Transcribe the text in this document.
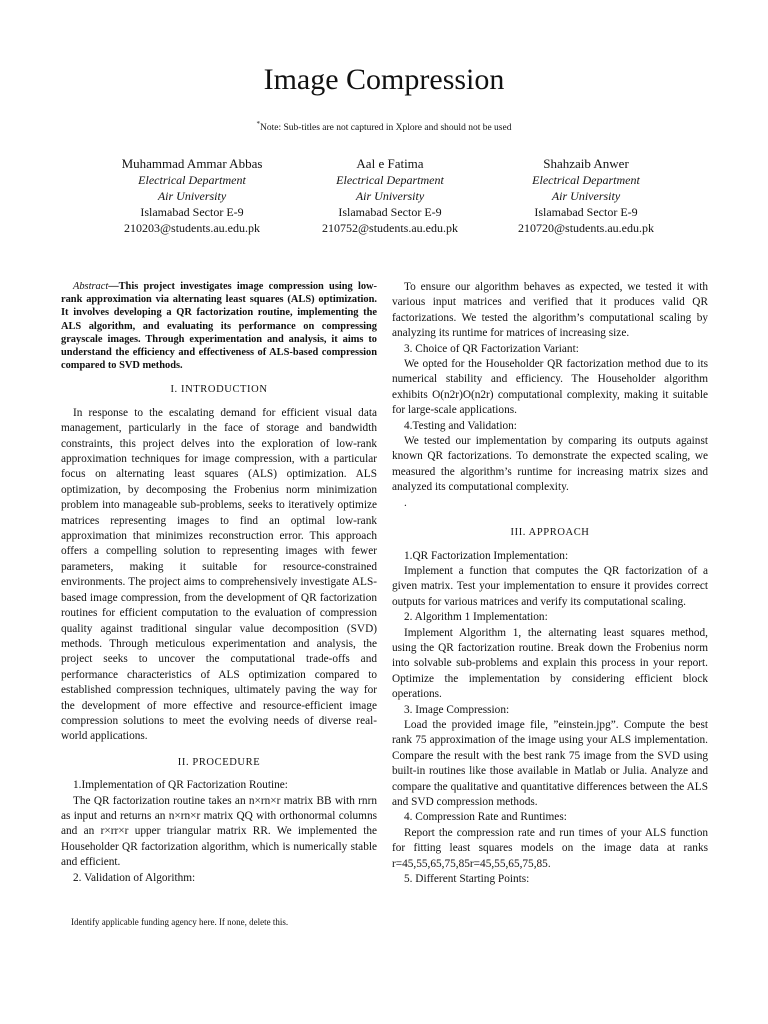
Image Compression
*Note: Sub-titles are not captured in Xplore and should not be used
Muhammad Ammar Abbas
Electrical Department
Air University
Islamabad Sector E-9
210203@students.au.edu.pk
Aal e Fatima
Electrical Department
Air University
Islamabad Sector E-9
210752@students.au.edu.pk
Shahzaib Anwer
Electrical Department
Air University
Islamabad Sector E-9
210720@students.au.edu.pk

Abstract—This project investigates image compression using low-rank approximation via alternating least squares (ALS) optimization. It involves developing a QR factorization routine, implementing the ALS algorithm, and evaluating its performance on compressing grayscale images. Through experimentation and analysis, it aims to understand the efficiency and effectiveness of ALS-based compression compared to SVD methods.

I. INTRODUCTION

In response to the escalating demand for efficient visual data management, particularly in the face of storage and bandwidth constraints, this project delves into the exploration of low-rank approximation techniques for image compression, with a particular focus on alternating least squares (ALS) optimization. ALS optimization, by decomposing the Frobenius norm minimization problem into manageable sub-problems, seeks to iteratively optimize matrices representing images to find an optimal low-rank approximation that minimizes reconstruction error. This approach offers a compelling solution to representing images with fewer parameters, making it suitable for resource-constrained environments. The project aims to comprehensively investigate ALS-based image compression, from the development of QR factorization routines for efficient computation to the evaluation of compression quality against traditional singular value decomposition (SVD) methods. Through meticulous experimentation and analysis, the project seeks to uncover the computational trade-offs and performance characteristics of ALS optimization compared to established compression techniques, ultimately paving the way for the development of more effective and resource-efficient image compression solutions to meet the evolving needs of diverse real-world applications.

II. PROCEDURE

1.Implementation of QR Factorization Routine:

The QR factorization routine takes an n×rn×r matrix BB with rnrn as input and returns an n×rn×r matrix QQ with orthonormal columns and an r×rr×r upper triangular matrix RR. We implemented the Householder QR factorization algorithm, which is numerically stable and efficient.

2. Validation of Algorithm:

Identify applicable funding agency here. If none, delete this.

To ensure our algorithm behaves as expected, we tested it with various input matrices and verified that it produces valid QR factorizations. We tested the algorithm’s computational scaling by analyzing its runtime for matrices of increasing size.

3. Choice of QR Factorization Variant:

We opted for the Householder QR factorization method due to its numerical stability and efficiency. The Householder algorithm exhibits O(n2r)O(n2r) computational complexity, making it suitable for large-scale applications.

4.Testing and Validation:

We tested our implementation by comparing its outputs against known QR factorizations. To demonstrate the expected scaling, we measured the algorithm’s runtime for increasing matrix sizes and analyzed its computational complexity.

.

III. APPROACH

1.QR Factorization Implementation:

Implement a function that computes the QR factorization of a given matrix. Test your implementation to ensure it provides correct outputs for various matrices and verify its computational scaling.

2. Algorithm 1 Implementation:

Implement Algorithm 1, the alternating least squares method, using the QR factorization routine. Break down the Frobenius norm into solvable sub-problems and explain this process in your report. Optimize the implementation by considering efficient block operations.

3. Image Compression:

Load the provided image file, ”einstein.jpg”. Compute the best rank 75 approximation of the image using your ALS implementation. Compare the result with the best rank 75 image from the SVD using built-in routines like those available in Matlab or Julia. Analyze and compare the qualitative and quantitative differences between the ALS and SVD compression methods.

4. Compression Rate and Runtimes:

Report the compression rate and run times of your ALS function for fitting least squares models on the image data at ranks r=45,55,65,75,85r=45,55,65,75,85.

5. Different Starting Points:
